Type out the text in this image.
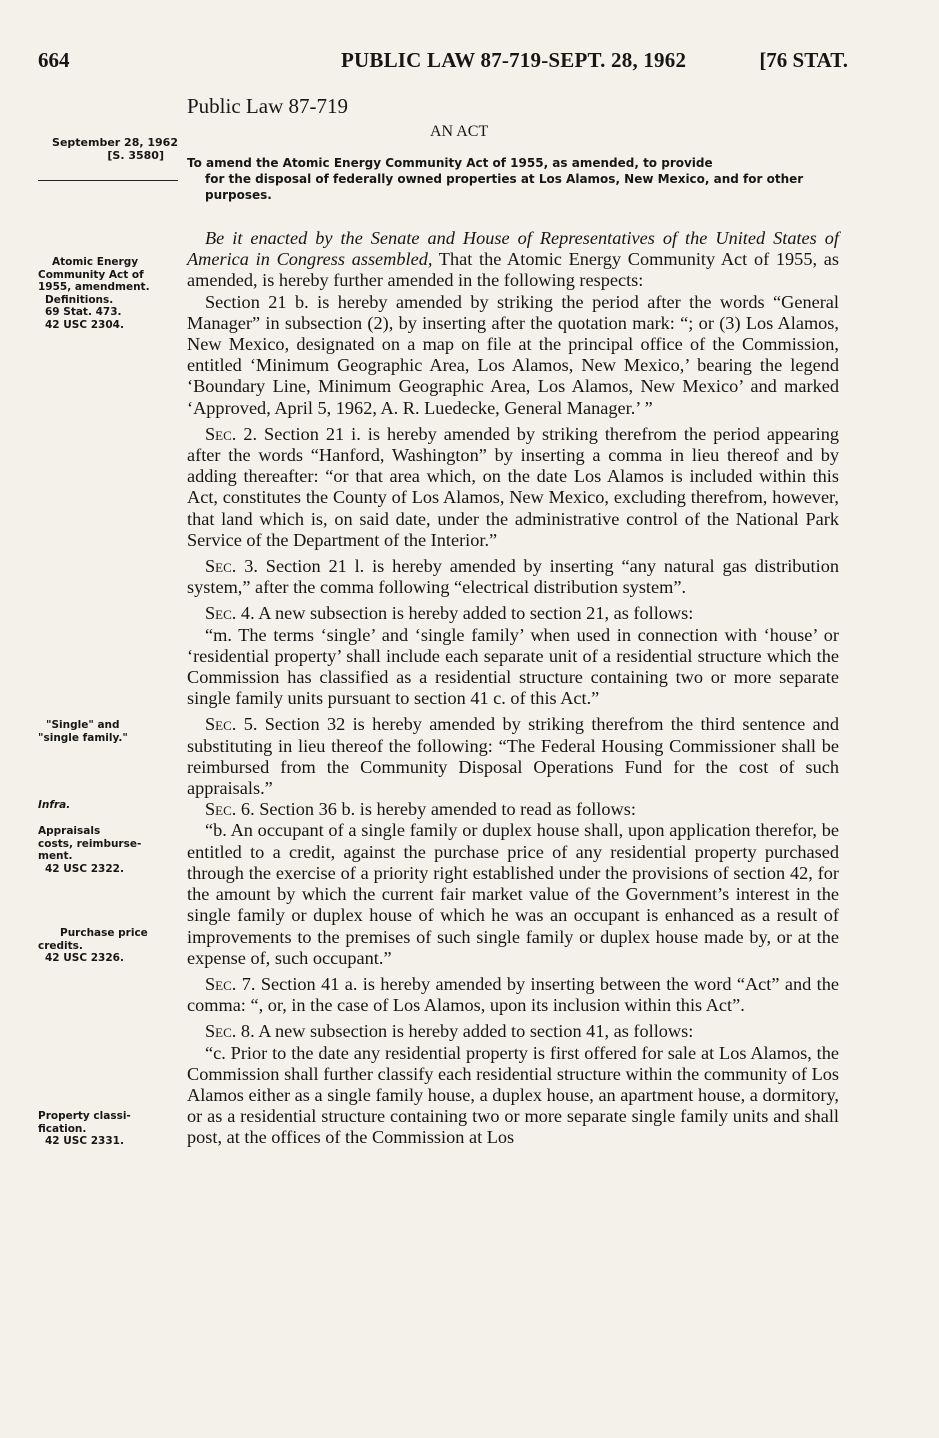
664	PUBLIC LAW 87-719-SEPT. 28, 1962	[76 STAT.
Public Law 87-719
AN ACT
September 28, 1962

[S. 3580]
To amend the Atomic Energy Community Act of 1955, as amended, to provide
for the disposal of federally owned properties at Los Alamos, New Mexico, and for other purposes.
Atomic Energy
Community Act of
1955, amendment.
Definitions.
69 Stat. 473.
42 USC 2304.
"Single" and
"single family."
Infra.
Appraisals
costs, reimburse-
ment.
42 USC 2322.
Purchase price
credits.
42 USC 2326.
Property classi-
fication.
42 USC 2331.

Be it enacted by the Senate and House of Representatives of the United States of America in Congress assembled, That the Atomic Energy Community Act of 1955, as amended, is hereby further amended in the following respects:

Section 21 b. is hereby amended by striking the period after the words “General Manager” in subsection (2), by inserting after the quotation mark: “; or (3) Los Alamos, New Mexico, designated on a map on file at the principal office of the Commission, entitled ‘Minimum Geographic Area, Los Alamos, New Mexico,’ bearing the legend ‘Boundary Line, Minimum Geographic Area, Los Alamos, New Mexico’ and marked ‘Approved, April 5, 1962, A. R. Luedecke, General Manager.’ ”

Sec. 2. Section 21 i. is hereby amended by striking therefrom the period appearing after the words “Hanford, Washington” by inserting a comma in lieu thereof and by adding thereafter: “or that area which, on the date Los Alamos is included within this Act, constitutes the County of Los Alamos, New Mexico, excluding therefrom, however, that land which is, on said date, under the administrative control of the National Park Service of the Department of the Interior.”

Sec. 3. Section 21 l. is hereby amended by inserting “any natural gas distribution system,” after the comma following “electrical distribution system”.

Sec. 4. A new subsection is hereby added to section 21, as follows:

“m. The terms ‘single’ and ‘single family’ when used in connection with ‘house’ or ‘residential property’ shall include each separate unit of a residential structure which the Commission has classified as a residential structure containing two or more separate single family units pursuant to section 41 c. of this Act.”

Sec. 5. Section 32 is hereby amended by striking therefrom the third sentence and substituting in lieu thereof the following: “The Federal Housing Commissioner shall be reimbursed from the Community Disposal Operations Fund for the cost of such appraisals.”

Sec. 6. Section 36 b. is hereby amended to read as follows:

“b. An occupant of a single family or duplex house shall, upon application therefor, be entitled to a credit, against the purchase price of any residential property purchased through the exercise of a priority right established under the provisions of section 42, for the amount by which the current fair market value of the Government’s interest in the single family or duplex house of which he was an occupant is enhanced as a result of improvements to the premises of such single family or duplex house made by, or at the expense of, such occupant.”

Sec. 7. Section 41 a. is hereby amended by inserting between the word “Act” and the comma: “, or, in the case of Los Alamos, upon its inclusion within this Act”.

Sec. 8. A new subsection is hereby added to section 41, as follows:

“c. Prior to the date any residential property is first offered for sale at Los Alamos, the Commission shall further classify each residential structure within the community of Los Alamos either as a single family house, a duplex house, an apartment house, a dormitory, or as a residential structure containing two or more separate single family units and shall post, at the offices of the Commission at Los
